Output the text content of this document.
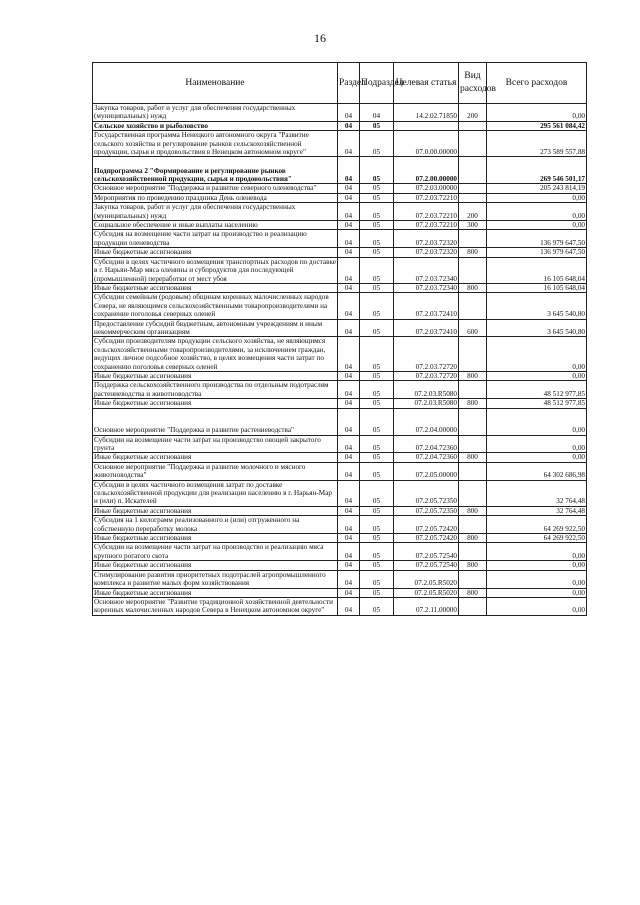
16
Наименование	Раздел	Подраздел	Целевая статья	Вид расходов	Всего расходов
Закупка товаров, работ и услуг для обеспечения государственных (муниципальных) нужд	04	04	14.2.02.71850	200	0,00
Сельское хозяйство и рыболовство	04	05			295 561 084,42
Государственная программа Ненецкого автономного округа "Развитие сельского хозяйства и регулирование рынков сельскохозяйственной продукции, сырья и продовольствия в Ненецком автономном округе"	04	05	07.0.00.00000		273 589 557,88
Подпрограмма 2 "Формирование и регулирование рынков сельскохозяйственной продукции, сырья и продовольствия"	04	05	07.2.00.00000		269 546 501,17
Основное мероприятие "Поддержка и развитие северного оленеводства"	04	05	07.2.03.00000		205 243 814,19
Мероприятия по проведению праздника День оленевода	04	05	07.2.03.72210		0,00
Закупка товаров, работ и услуг для обеспечения государственных (муниципальных) нужд	04	05	07.2.03.72210	200	0,00
Социальное обеспечение и иные выплаты населению	04	05	07.2.03.72210	300	0,00
Субсидия на возмещение части затрат на производство и реализацию продукции оленеводства	04	05	07.2.03.72320		136 979 647,50
Иные бюджетные ассигнования	04	05	07.2.03.72320	800	136 979 647,50
Субсидии в целях частичного возмещения транспортных расходов по доставке в г. Нарьян-Мар мяса оленины и субпродуктов для последующей (промышленной) переработки от мест убоя	04	05	07.2.03.72340		16 105 648,04
Иные бюджетные ассигнования	04	05	07.2.03.72340	800	16 105 648,04
Субсидии семейным (родовым) общинам коренных малочисленных народов Севера, не являющимся сельскохозяйственными товаропроизводителями на сохранение поголовья северных оленей	04	05	07.2.03.72410		3 645 540,80
Предоставление субсидий бюджетным, автономным учреждениям и иным некоммерческим организациям	04	05	07.2.03.72410	600	3 645 540,80
Субсидии производителям продукции сельского хозяйства, не являющимся сельскохозяйственными товаропроизводителями, за исключением граждан, ведущих личное подсобное хозяйство, в целях возмещения части затрат по сохранению поголовья северных оленей	04	05	07.2.03.72720		0,00
Иные бюджетные ассигнования	04	05	07.2.03.72720	800	0,00
Поддержка сельскохозяйственного производства по отдельным подотраслям растениеводства и животноводства	04	05	07.2.03.R5080		48 512 977,85
Иные бюджетные ассигнования	04	05	07.2.03.R5080	800	48 512 977,85
Основное мероприятие "Поддержка и развитие растениеводства"	04	05	07.2.04.00000		0,00
Субсидии на возмещение части затрат на производство овощей закрытого грунта	04	05	07.2.04.72360		0,00
Иные бюджетные ассигнования	04	05	07.2.04.72360	800	0,00
Основное мероприятие "Поддержка и развитие молочного и мясного животноводства"	04	05	07.2.05.00000		64 302 686,98
Субсидии в целях частичного возмещения затрат по доставке сельскохозяйственной продукции для реализации населению в г. Нарьян-Мар и (или) п. Искателей	04	05	07.2.05.72350		32 764,48
Иные бюджетные ассигнования	04	05	07.2.05.72350	800	32 764,48
Субсидия на 1 килограмм реализованного и (или) отгруженного на собственную переработку молока	04	05	07.2.05.72420		64 269 922,50
Иные бюджетные ассигнования	04	05	07.2.05.72420	800	64 269 922,50
Субсидии на возмещение части затрат на производство и реализацию мяса крупного рогатого скота	04	05	07.2.05.72540		0,00
Иные бюджетные ассигнования	04	05	07.2.05.72540	800	0,00
Стимулирование развития приоритетных подотраслей агропромышленного комплекса и развитие малых форм хозяйствования	04	05	07.2.05.R5020		0,00
Иные бюджетные ассигнования	04	05	07.2.05.R5020	800	0,00
Основное мероприятие "Развитие традиционной хозяйственной деятельности коренных малочисленных народов Севера в Ненецком автономном округе"	04	05	07.2.11.00000		0,00
